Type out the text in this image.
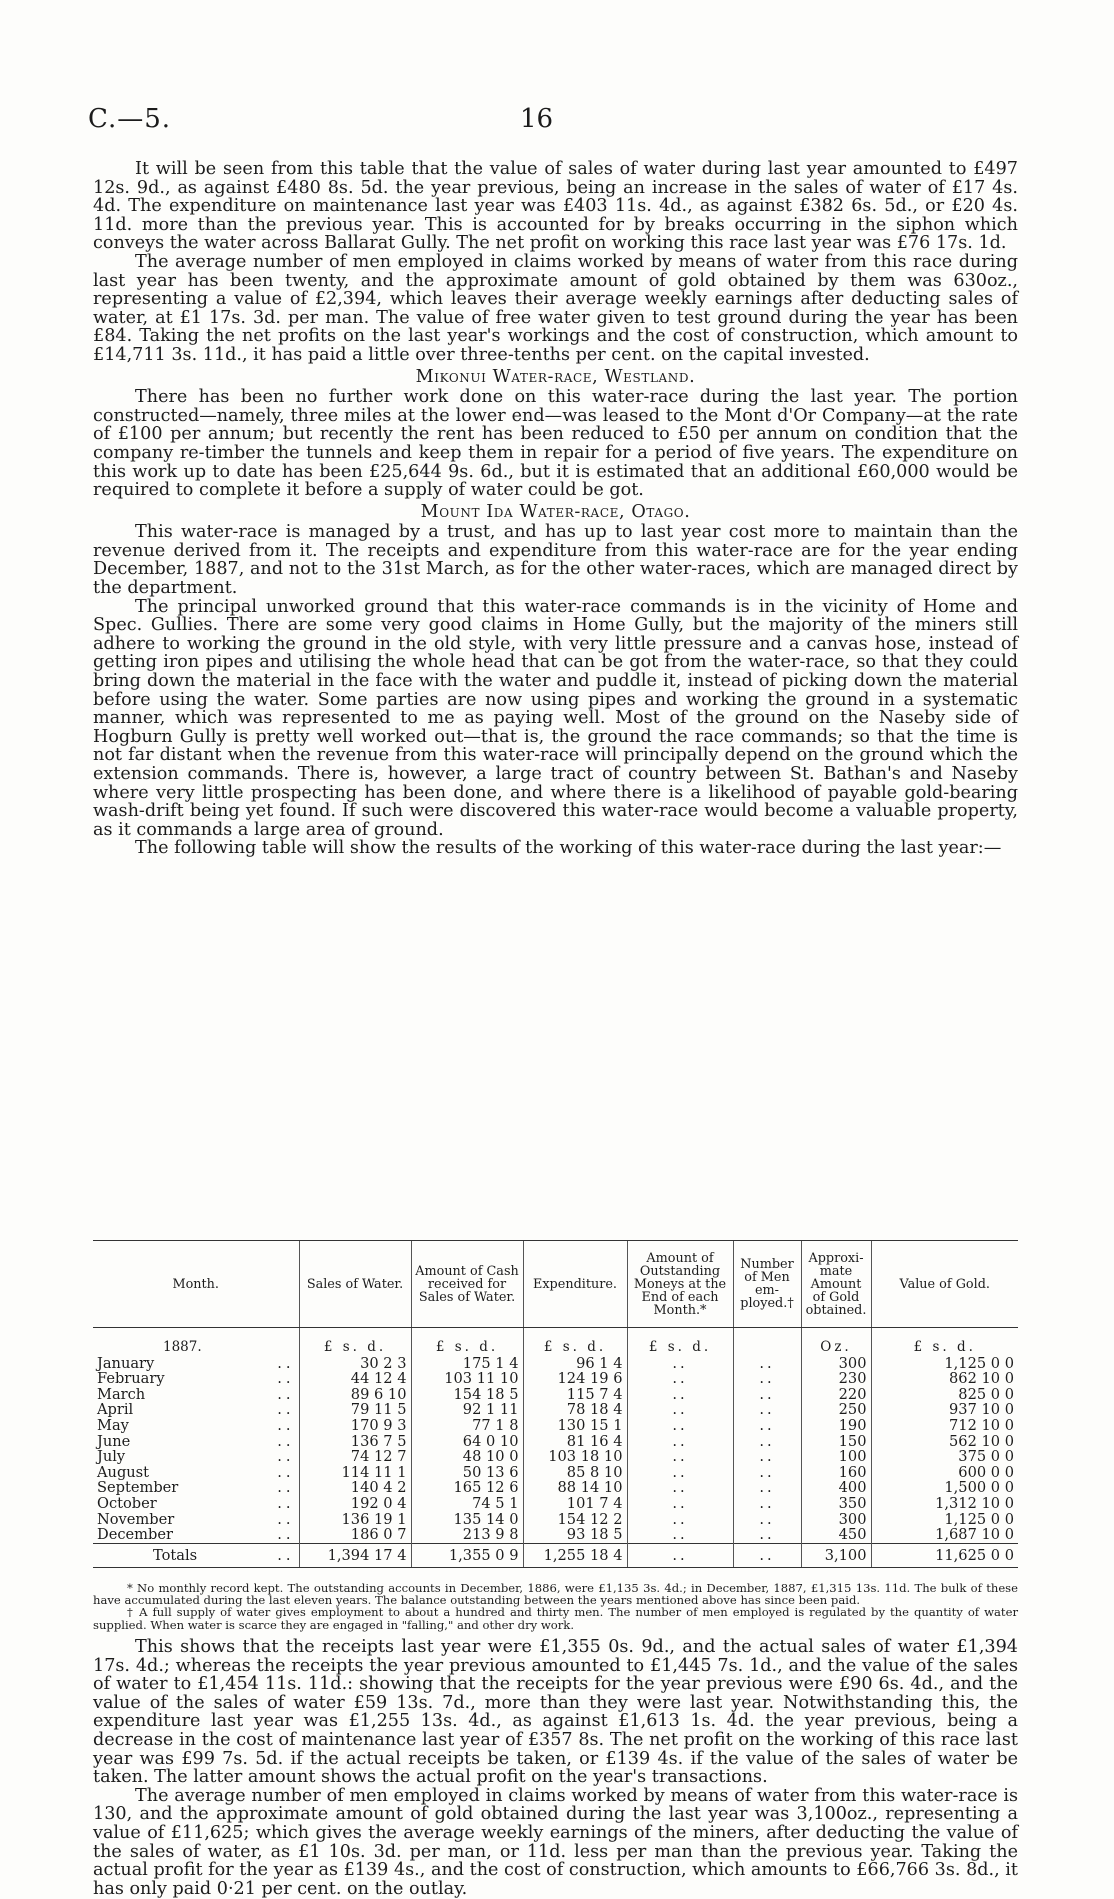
C.—5.	16

It will be seen from this table that the value of sales of water during last year amounted to £497 12s. 9d., as against £480 8s. 5d. the year previous, being an increase in the sales of water of £17 4s. 4d. The expenditure on maintenance last year was £403 11s. 4d., as against £382 6s. 5d., or £20 4s. 11d. more than the previous year. This is accounted for by breaks occurring in the siphon which conveys the water across Ballarat Gully. The net profit on working this race last year was £76 17s. 1d.

The average number of men employed in claims worked by means of water from this race during last year has been twenty, and the approximate amount of gold obtained by them was 630oz., representing a value of £2,394, which leaves their average weekly earnings after deducting sales of water, at £1 17s. 3d. per man. The value of free water given to test ground during the year has been £84. Taking the net profits on the last year's workings and the cost of construction, which amount to £14,711 3s. 11d., it has paid a little over three-tenths per cent. on the capital invested.

Mikonui Water-race, Westland.

There has been no further work done on this water-race during the last year. The portion constructed—namely, three miles at the lower end—was leased to the Mont d'Or Company—at the rate of £100 per annum; but recently the rent has been reduced to £50 per annum on condition that the company re-timber the tunnels and keep them in repair for a period of five years. The expenditure on this work up to date has been £25,644 9s. 6d., but it is estimated that an additional £60,000 would be required to complete it before a supply of water could be got.

Mount Ida Water-race, Otago.

This water-race is managed by a trust, and has up to last year cost more to maintain than the revenue derived from it. The receipts and expenditure from this water-race are for the year ending December, 1887, and not to the 31st March, as for the other water-races, which are managed direct by the department.

The principal unworked ground that this water-race commands is in the vicinity of Home and Spec. Gullies. There are some very good claims in Home Gully, but the majority of the miners still adhere to working the ground in the old style, with very little pressure and a canvas hose, instead of getting iron pipes and utilising the whole head that can be got from the water-race, so that they could bring down the material in the face with the water and puddle it, instead of picking down the material before using the water. Some parties are now using pipes and working the ground in a systematic manner, which was represented to me as paying well. Most of the ground on the Naseby side of Hogburn Gully is pretty well worked out—that is, the ground the race commands; so that the time is not far distant when the revenue from this water-race will principally depend on the ground which the extension commands. There is, however, a large tract of country between St. Bathan's and Naseby where very little prospecting has been done, and where there is a likelihood of payable gold-bearing wash-drift being yet found. If such were discovered this water-race would become a valuable property, as it commands a large area of ground.

The following table will show the results of the working of this water-race during the last year:—

Month.	Sales of Water.	Amount of Cash received for Sales of Water.	Expenditure.	Amount of Outstanding Moneys at the End of each Month.*	Number of Men em-ployed.†	Approxi-mate Amount of Gold obtained.	Value of Gold.
1887.	£ s. d.	£ s. d.	£ s. d.	£ s. d.		Oz.	£ s. d.
January ..	30 2 3	175 1 4	96 1 4	..	..	300	1,125 0 0
February ..	44 12 4	103 11 10	124 19 6	..	..	230	862 10 0
March ..	89 6 10	154 18 5	115 7 4	..	..	220	825 0 0
April ..	79 11 5	92 1 11	78 18 4	..	..	250	937 10 0
May ..	170 9 3	77 1 8	130 15 1	..	..	190	712 10 0
June ..	136 7 5	64 0 10	81 16 4	..	..	150	562 10 0
July ..	74 12 7	48 10 0	103 18 10	..	..	100	375 0 0
August ..	114 11 1	50 13 6	85 8 10	..	..	160	600 0 0
September ..	140 4 2	165 12 6	88 14 10	..	..	400	1,500 0 0
October ..	192 0 4	74 5 1	101 7 4	..	..	350	1,312 10 0
November ..	136 19 1	135 14 0	154 12 2	..	..	300	1,125 0 0
December ..	186 0 7	213 9 8	93 18 5	..	..	450	1,687 10 0
Totals ..	1,394 17 4	1,355 0 9	1,255 18 4	..	..	3,100	11,625 0 0

* No monthly record kept. The outstanding accounts in December, 1886, were £1,135 3s. 4d.; in December, 1887, £1,315 13s. 11d. The bulk of these have accumulated during the last eleven years. The balance outstanding between the years mentioned above has since been paid.

† A full supply of water gives employment to about a hundred and thirty men. The number of men employed is regulated by the quantity of water supplied. When water is scarce they are engaged in "falling," and other dry work.

This shows that the receipts last year were £1,355 0s. 9d., and the actual sales of water £1,394 17s. 4d.; whereas the receipts the year previous amounted to £1,445 7s. 1d., and the value of the sales of water to £1,454 11s. 11d.: showing that the receipts for the year previous were £90 6s. 4d., and the value of the sales of water £59 13s. 7d., more than they were last year. Notwithstanding this, the expenditure last year was £1,255 13s. 4d., as against £1,613 1s. 4d. the year previous, being a decrease in the cost of maintenance last year of £357 8s. The net profit on the working of this race last year was £99 7s. 5d. if the actual receipts be taken, or £139 4s. if the value of the sales of water be taken. The latter amount shows the actual profit on the year's transactions.

The average number of men employed in claims worked by means of water from this water-race is 130, and the approximate amount of gold obtained during the last year was 3,100oz., representing a value of £11,625; which gives the average weekly earnings of the miners, after deducting the value of the sales of water, as £1 10s. 3d. per man, or 11d. less per man than the previous year. Taking the actual profit for the year as £139 4s., and the cost of construction, which amounts to £66,766 3s. 8d., it has only paid 0·21 per cent. on the outlay.
